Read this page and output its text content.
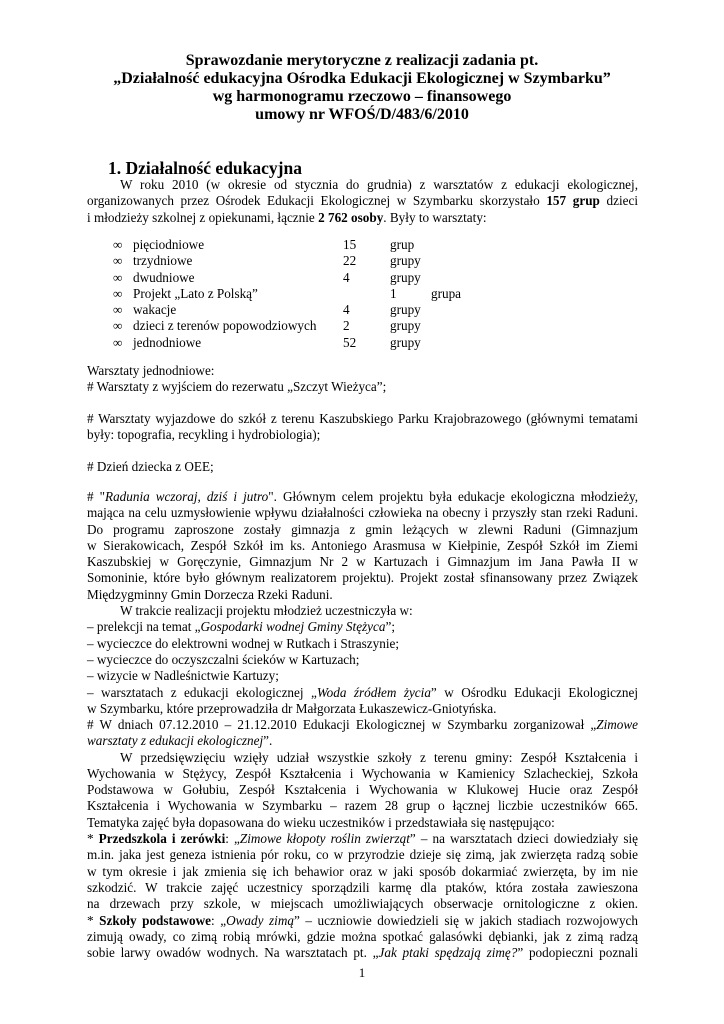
Sprawozdanie merytoryczne z realizacji zadania pt.
„Działalność edukacyjna Ośrodka Edukacji Ekologicznej w Szymbarku”
wg harmonogramu rzeczowo – finansowego
umowy nr WFOŚ/D/483/6/2010
1. Działalność edukacyjna
W roku 2010 (w okresie od stycznia do grudnia) z warsztatów z edukacji ekologicznej,
organizowanych przez Ośrodek Edukacji Ekologicznej w Szymbarku skorzystało 157 grup dzieci
i młodzieży szkolnej z opiekunami, łącznie 2 762 osoby. Były to warsztaty:
∞ pięciodniowe	15	grup
∞ trzydniowe	22	grupy
∞ dwudniowe	4	grupy
∞ Projekt „Lato z Polską”	1	grupa
∞ wakacje	4	grupy
∞ dzieci z terenów popowodziowych 2	grupy
∞ jednodniowe	52	grupy
Warsztaty jednodniowe:
# Warsztaty z wyjściem do rezerwatu „Szczyt Wieżyca”;
# Warsztaty wyjazdowe do szkół z terenu Kaszubskiego Parku Krajobrazowego (głównymi tematami
były: topografia, recykling i hydrobiologia);
# Dzień dziecka z OEE;
# "Radunia wczoraj, dziś i jutro". Głównym celem projektu była edukacje ekologiczna młodzieży,
mająca na celu uzmysłowienie wpływu działalności człowieka na obecny i przyszły stan rzeki Raduni.
Do programu zaproszone zostały gimnazja z gmin leżących w zlewni Raduni (Gimnazjum
w Sierakowicach, Zespół Szkół im ks. Antoniego Arasmusa w Kiełpinie, Zespół Szkół im Ziemi
Kaszubskiej w Goręczynie, Gimnazjum Nr 2 w Kartuzach i Gimnazjum im Jana Pawła II w
Somoninie, które było głównym realizatorem projektu). Projekt został sfinansowany przez Związek
Międzygminny Gmin Dorzecza Rzeki Raduni.
W trakcie realizacji projektu młodzież uczestniczyła w:
– prelekcji na temat „Gospodarki wodnej Gminy Stężyca”;
– wycieczce do elektrowni wodnej w Rutkach i Straszynie;
– wycieczce do oczyszczalni ścieków w Kartuzach;
– wizycie w Nadleśnictwie Kartuzy;
– warsztatach z edukacji ekologicznej „Woda źródłem życia” w Ośrodku Edukacji Ekologicznej
w Szymbarku, które przeprowadziła dr Małgorzata Łukaszewicz-Gniotyńska.
# W dniach 07.12.2010 – 21.12.2010 Edukacji Ekologicznej w Szymbarku zorganizował „Zimowe
warsztaty z edukacji ekologicznej”.
W przedsięwzięciu wzięły udział wszystkie szkoły z terenu gminy: Zespół Kształcenia i
Wychowania w Stężycy, Zespół Kształcenia i Wychowania w Kamienicy Szlacheckiej, Szkoła
Podstawowa w Gołubiu, Zespół Kształcenia i Wychowania w Klukowej Hucie oraz Zespół
Kształcenia i Wychowania w Szymbarku – razem 28 grup o łącznej liczbie uczestników 665.
Tematyka zajęć była dopasowana do wieku uczestników i przedstawiała się następująco:
* Przedszkola i zerówki: „Zimowe kłopoty roślin zwierząt” – na warsztatach dzieci dowiedziały się
m.in. jaka jest geneza istnienia pór roku, co w przyrodzie dzieje się zimą, jak zwierzęta radzą sobie
w tym okresie i jak zmienia się ich behawior oraz w jaki sposób dokarmiać zwierzęta, by im nie
szkodzić. W trakcie zajęć uczestnicy sporządzili karmę dla ptaków, która została zawieszona
na drzewach przy szkole, w miejscach umożliwiających obserwacje ornitologiczne z okien.
* Szkoły podstawowe: „Owady zimą” – uczniowie dowiedzieli się w jakich stadiach rozwojowych
zimują owady, co zimą robią mrówki, gdzie można spotkać galasówki dębianki, jak z zimą radzą
sobie larwy owadów wodnych. Na warsztatach pt. „Jak ptaki spędzają zimę?” podopieczni poznali
1
